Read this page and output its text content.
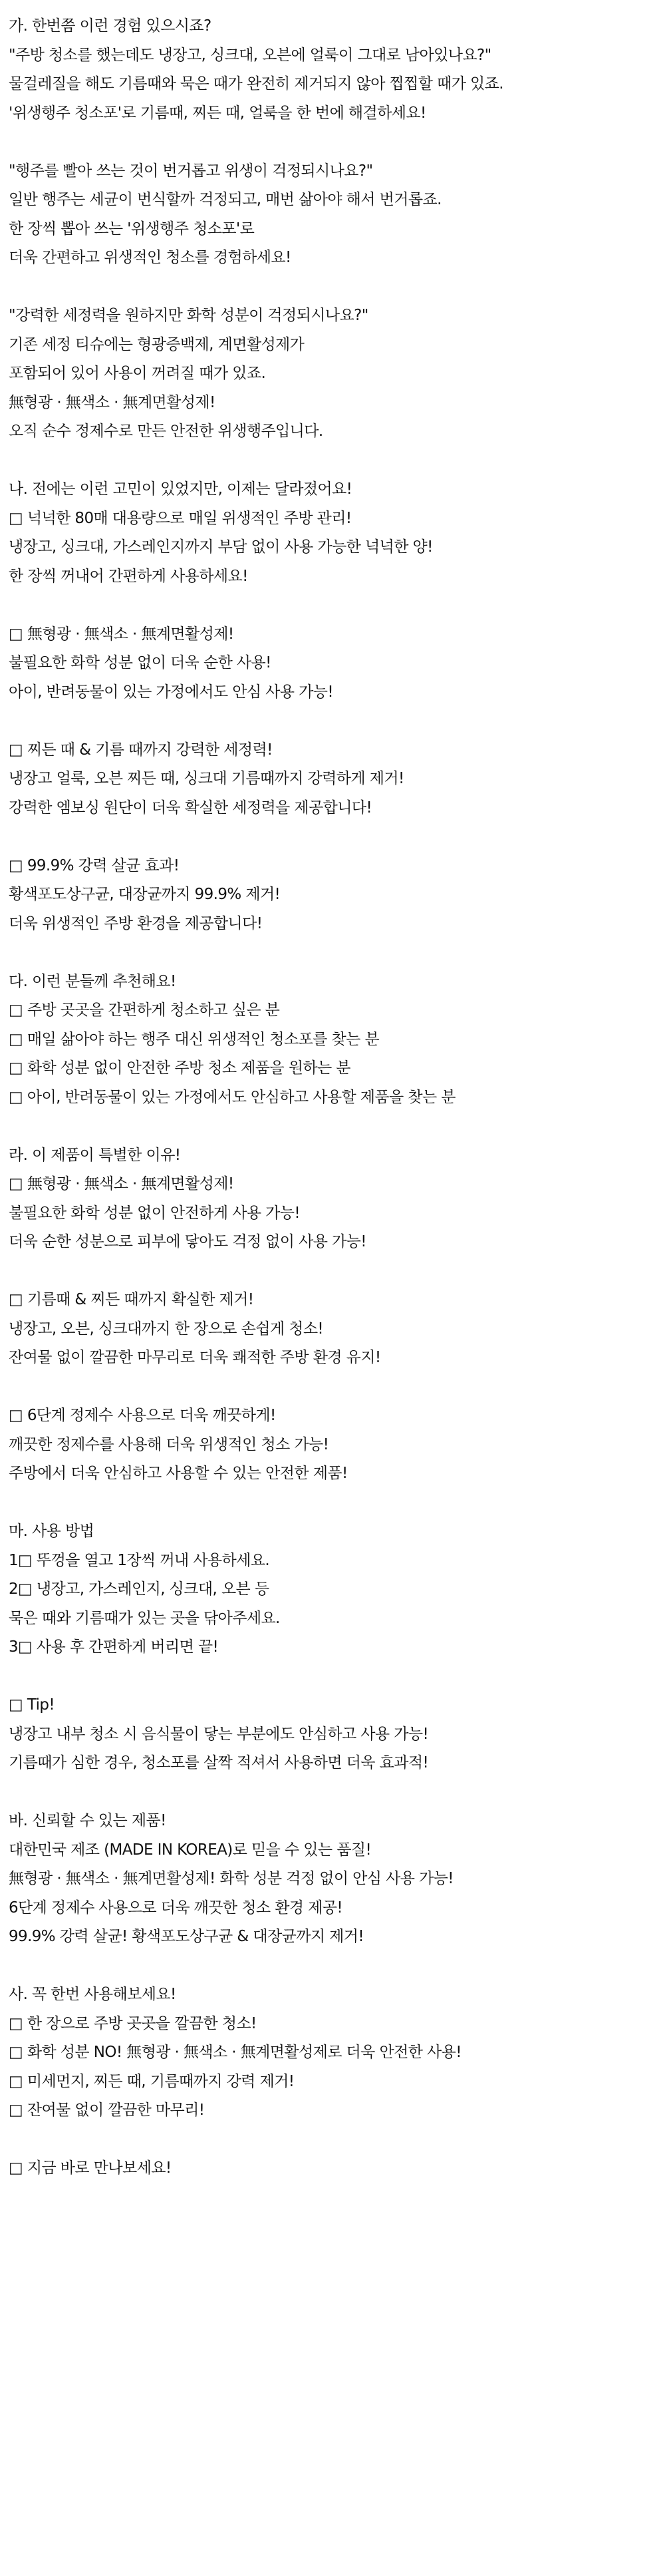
가. 한번쯤 이런 경험 있으시죠?
"주방 청소를 했는데도 냉장고, 싱크대, 오븐에 얼룩이 그대로 남아있나요?"
물걸레질을 해도 기름때와 묵은 때가 완전히 제거되지 않아 찝찝할 때가 있죠.
'위생행주 청소포'로 기름때, 찌든 때, 얼룩을 한 번에 해결하세요!
"행주를 빨아 쓰는 것이 번거롭고 위생이 걱정되시나요?"
일반 행주는 세균이 번식할까 걱정되고, 매번 삶아야 해서 번거롭죠.
한 장씩 뽑아 쓰는 '위생행주 청소포'로
더욱 간편하고 위생적인 청소를 경험하세요!
"강력한 세정력을 원하지만 화학 성분이 걱정되시나요?"
기존 세정 티슈에는 형광증백제, 계면활성제가
포함되어 있어 사용이 꺼려질 때가 있죠.
無형광 · 無색소 · 無계면활성제!
오직 순수 정제수로 만든 안전한 위생행주입니다.
나. 전에는 이런 고민이 있었지만, 이제는 달라졌어요!
□ 넉넉한 80매 대용량으로 매일 위생적인 주방 관리!
냉장고, 싱크대, 가스레인지까지 부담 없이 사용 가능한 넉넉한 양!
한 장씩 꺼내어 간편하게 사용하세요!
□ 無형광 · 無색소 · 無계면활성제!
불필요한 화학 성분 없이 더욱 순한 사용!
아이, 반려동물이 있는 가정에서도 안심 사용 가능!
□ 찌든 때 & 기름 때까지 강력한 세정력!
냉장고 얼룩, 오븐 찌든 때, 싱크대 기름때까지 강력하게 제거!
강력한 엠보싱 원단이 더욱 확실한 세정력을 제공합니다!
□ 99.9% 강력 살균 효과!
황색포도상구균, 대장균까지 99.9% 제거!
더욱 위생적인 주방 환경을 제공합니다!
다. 이런 분들께 추천해요!
□ 주방 곳곳을 간편하게 청소하고 싶은 분
□ 매일 삶아야 하는 행주 대신 위생적인 청소포를 찾는 분
□ 화학 성분 없이 안전한 주방 청소 제품을 원하는 분
□ 아이, 반려동물이 있는 가정에서도 안심하고 사용할 제품을 찾는 분
라. 이 제품이 특별한 이유!
□ 無형광 · 無색소 · 無계면활성제!
불필요한 화학 성분 없이 안전하게 사용 가능!
더욱 순한 성분으로 피부에 닿아도 걱정 없이 사용 가능!
□ 기름때 & 찌든 때까지 확실한 제거!
냉장고, 오븐, 싱크대까지 한 장으로 손쉽게 청소!
잔여물 없이 깔끔한 마무리로 더욱 쾌적한 주방 환경 유지!
□ 6단계 정제수 사용으로 더욱 깨끗하게!
깨끗한 정제수를 사용해 더욱 위생적인 청소 가능!
주방에서 더욱 안심하고 사용할 수 있는 안전한 제품!
마. 사용 방법
1□ 뚜껑을 열고 1장씩 꺼내 사용하세요.
2□ 냉장고, 가스레인지, 싱크대, 오븐 등
묵은 때와 기름때가 있는 곳을 닦아주세요.
3□ 사용 후 간편하게 버리면 끝!
□ Tip!
냉장고 내부 청소 시 음식물이 닿는 부분에도 안심하고 사용 가능!
기름때가 심한 경우, 청소포를 살짝 적셔서 사용하면 더욱 효과적!
바. 신뢰할 수 있는 제품!
대한민국 제조 (MADE IN KOREA)로 믿을 수 있는 품질!
無형광 · 無색소 · 無계면활성제! 화학 성분 걱정 없이 안심 사용 가능!
6단계 정제수 사용으로 더욱 깨끗한 청소 환경 제공!
99.9% 강력 살균! 황색포도상구균 & 대장균까지 제거!
사. 꼭 한번 사용해보세요!
□ 한 장으로 주방 곳곳을 깔끔한 청소!
□ 화학 성분 NO! 無형광 · 無색소 · 無계면활성제로 더욱 안전한 사용!
□ 미세먼지, 찌든 때, 기름때까지 강력 제거!
□ 잔여물 없이 깔끔한 마무리!
□ 지금 바로 만나보세요!
